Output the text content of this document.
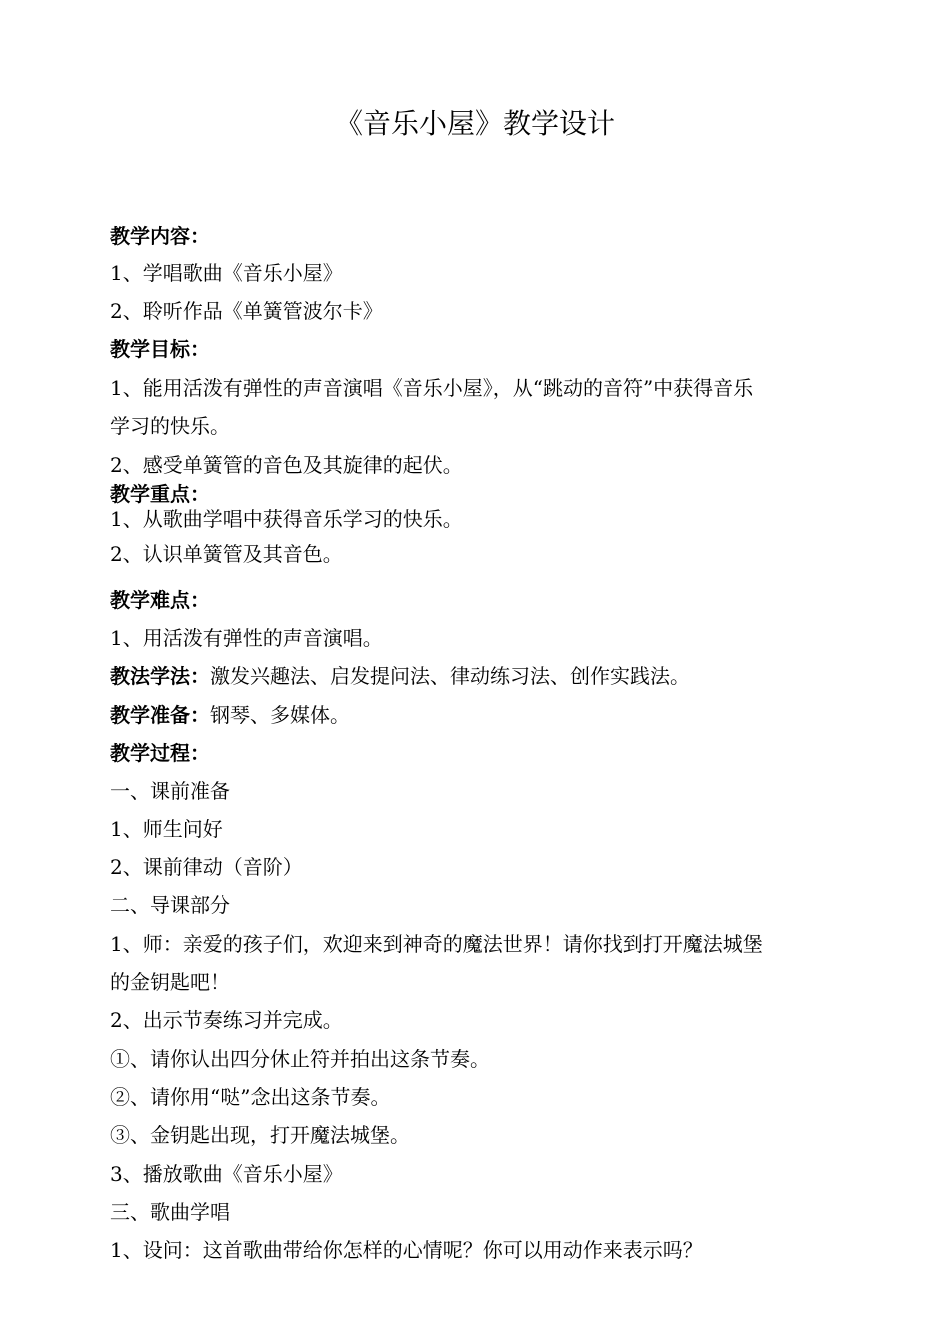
《音乐小屋》教学设计
教学内容：
1、学唱歌曲《音乐小屋》
2、聆听作品《单簧管波尔卡》
教学目标：
1、能用活泼有弹性的声音演唱《音乐小屋》，从“跳动的音符”中获得音乐
学习的快乐。
2、感受单簧管的音色及其旋律的起伏。
教学重点：
1、从歌曲学唱中获得音乐学习的快乐。
2、认识单簧管及其音色。
教学难点：
1、用活泼有弹性的声音演唱。
教法学法：激发兴趣法、启发提问法、律动练习法、创作实践法。
教学准备：钢琴、多媒体。
教学过程：
一、课前准备
1、师生问好
2、课前律动（音阶）
二、导课部分
1、师：亲爱的孩子们，欢迎来到神奇的魔法世界！请你找到打开魔法城堡
的金钥匙吧！
2、出示节奏练习并完成。
①、请你认出四分休止符并拍出这条节奏。
②、请你用“哒”念出这条节奏。
③、金钥匙出现，打开魔法城堡。
3、播放歌曲《音乐小屋》
三、歌曲学唱
1、设问：这首歌曲带给你怎样的心情呢？你可以用动作来表示吗？
